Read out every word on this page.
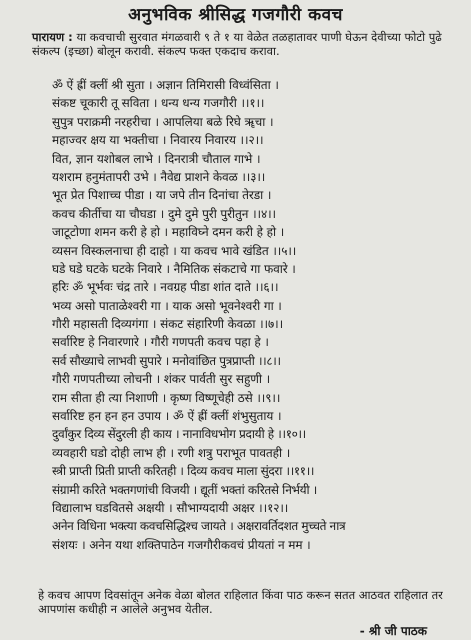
अनुभविक श्रीसिद्ध गजगौरी कवच
पारायण : या कवचाची सुरवात मंगळवारी ९ ते १ या वेळेत तळहातावर पाणी घेऊन देवीच्या फोटो पुढे संकल्प (इच्छा) बोलून करावी. संकल्प फक्त एकदाच करावा.
ॐ ऐं ह्रीं क्लीं श्री सुता । अज्ञान तिमिरासी विध्वंसिता ।
संकष्ट चूकारी तू सविता । धन्य धन्य गजगौरी ।।१।।
सुपुत्र पराक्रमी नरहरीचा । आपलिया बळे रिघे ॠचा ।
महाज्वर क्षय या भक्तीचा । निवारय निवारय ।।२।।
वित, ज्ञान यशोबल लाभे । दिनरात्री चौताल गाभे ।
यशराम हनुमंतापरी उभे । नैवेद्य प्राशने केवळ ।।३।।
भूत प्रेत पिशाच्च पीडा । या जपे तीन दिनांचा तेरडा ।
कवच कीर्तीचा या चौघडा । दुमे दुमे पुरी पुरीतुन ।।४।।
जाटूटोणा शमन करी हे हो । महाविघ्ने दमन करी हे हो ।
व्यसन विस्कलनाचा ही दाहो । या कवच भावे खंडित ।।५।।
घडे घडे घटके घटके निवारे । नैमितिक संकटाचे गा फवारे ।
हरिः ॐ भूर्भवः चंद्र तारे । नवग्रह पीडा शांत दाते ।।६।।
भव्य असो पाताळेश्वरी गा । याक असो भूवनेश्वरी गा ।
गौरी महासती दिव्यगंगा । संकट संहारिणी केवळा ।।७।।
सर्वारिष्ट हे निवारणारे । गौरी गणपती कवच पहा हे ।
सर्व सौख्याचे लाभवी सुपारे । मनोवांछित पुत्रप्राप्ती ।।८।।
गौरी गणपतीच्या लोचनी । शंकर पार्वती सुर सहुणी ।
राम सीता ही त्या निशाणी । कृष्ण विष्णूचेही ठसे ।।९।।
सर्वारिष्ट हन हन हन उपाय । ॐ ऐं ह्रीं क्लीं शंभुसुताय ।
दुर्वांकुर दिव्य सेंदुरली ही काय । नानाविधभोग प्रदायी हे ।।१०।।
व्यवहारी घडो दोही लाभ ही । रणी शत्रु पराभूत पावतही ।
स्त्री प्राप्ती प्रिती प्राप्ती करितही । दिव्य कवच माला सुंदरा ।।११।।
संग्रामी करिते भक्तगणांची विजयी । द्यूतीं भक्तां करितसे निर्भयी ।
विद्यालाभ घडवितसे अक्षयी । सौभाग्यदायी अक्षर ।।१२।।
अनेन विधिना भक्त्या कवचसिद्धिश्च जायते । अक्षरावर्तिदशत मुच्चते नात्र
संशयः । अनेन यथा शक्तिपाठेन गजगौरीकवचं प्रीयतां न मम ।
हे कवच आपण दिवसांतून अनेक वेळा बोलत राहिलात किंवा पाठ करून सतत आठवत राहिलात तर आपणांस कधीही न आलेले अनुभव येतील.
- श्री जी पाठक
